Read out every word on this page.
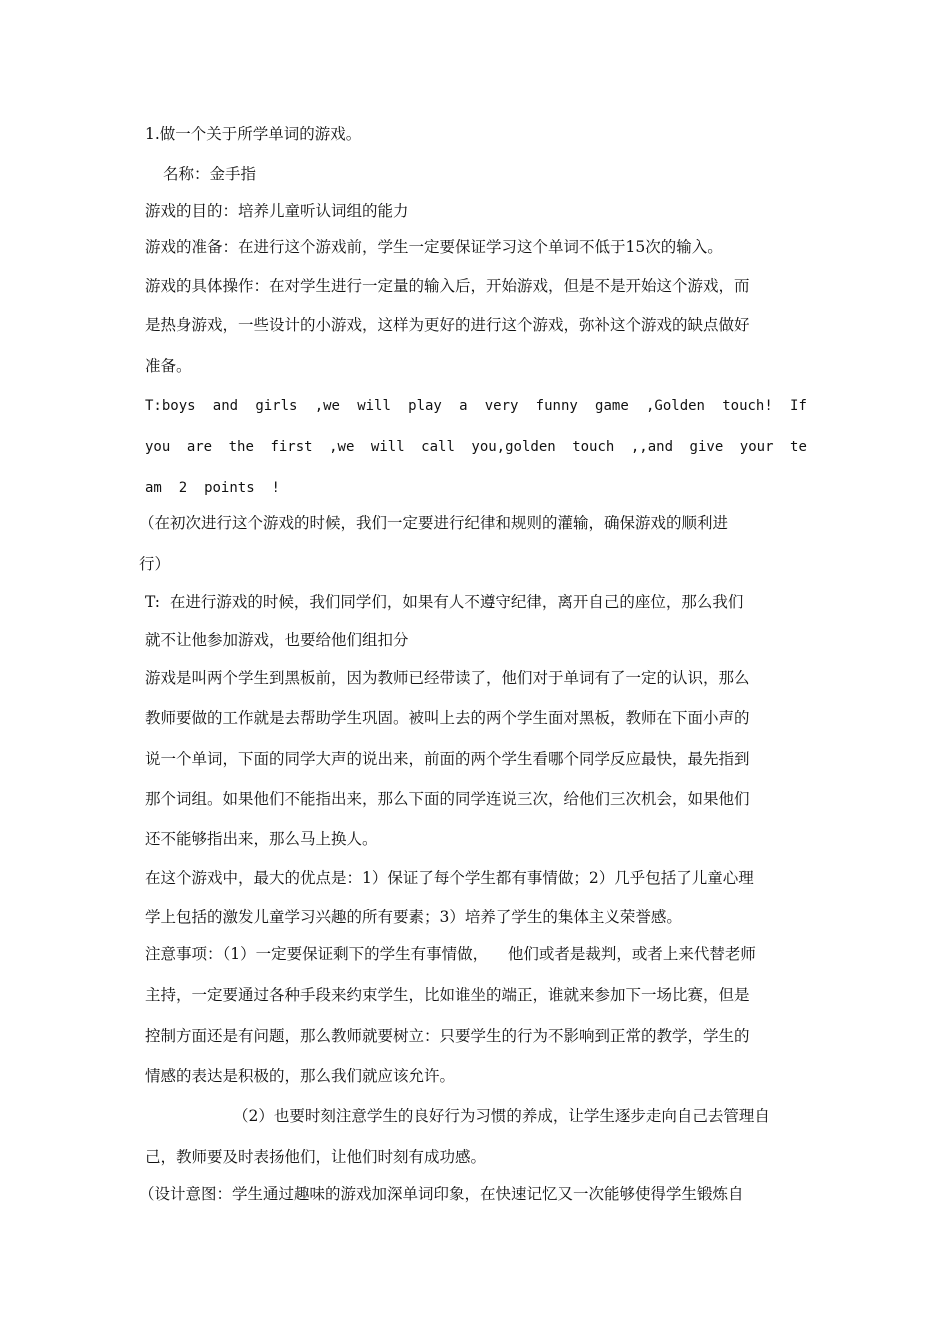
1.做一个关于所学单词的游戏。
名称：金手指
游戏的目的：培养儿童听认词组的能力
游戏的准备：在进行这个游戏前，学生一定要保证学习这个单词不低于15次的输入。
游戏的具体操作：在对学生进行一定量的输入后，开始游戏，但是不是开始这个游戏，而
是热身游戏，一些设计的小游戏，这样为更好的进行这个游戏，弥补这个游戏的缺点做好
准备。
T:boys and girls ,we will play a very funny game ,Golden touch! If
you are the first ,we will call you,golden touch ,,and give your te
am 2 points !
（在初次进行这个游戏的时候，我们一定要进行纪律和规则的灌输，确保游戏的顺利进
行）
T:  在进行游戏的时候，我们同学们，如果有人不遵守纪律，离开自己的座位，那么我们
就不让他参加游戏，也要给他们组扣分
游戏是叫两个学生到黑板前，因为教师已经带读了，他们对于单词有了一定的认识，那么
教师要做的工作就是去帮助学生巩固。被叫上去的两个学生面对黑板，教师在下面小声的
说一个单词，下面的同学大声的说出来，前面的两个学生看哪个同学反应最快，最先指到
那个词组。如果他们不能指出来，那么下面的同学连说三次，给他们三次机会，如果他们
还不能够指出来，那么马上换人。
在这个游戏中，最大的优点是：1）保证了每个学生都有事情做；2）几乎包括了儿童心理
学上包括的激发儿童学习兴趣的所有要素；3）培养了学生的集体主义荣誉感。
注意事项：（1）一定要保证剩下的学生有事情做，    他们或者是裁判，或者上来代替老师
主持，一定要通过各种手段来约束学生，比如谁坐的端正，谁就来参加下一场比赛，但是
控制方面还是有问题，那么教师就要树立：只要学生的行为不影响到正常的教学，学生的
情感的表达是积极的，那么我们就应该允许。
（2）也要时刻注意学生的良好行为习惯的养成，让学生逐步走向自己去管理自
己，教师要及时表扬他们，让他们时刻有成功感。
（设计意图：学生通过趣味的游戏加深单词印象，在快速记忆又一次能够使得学生锻炼自
